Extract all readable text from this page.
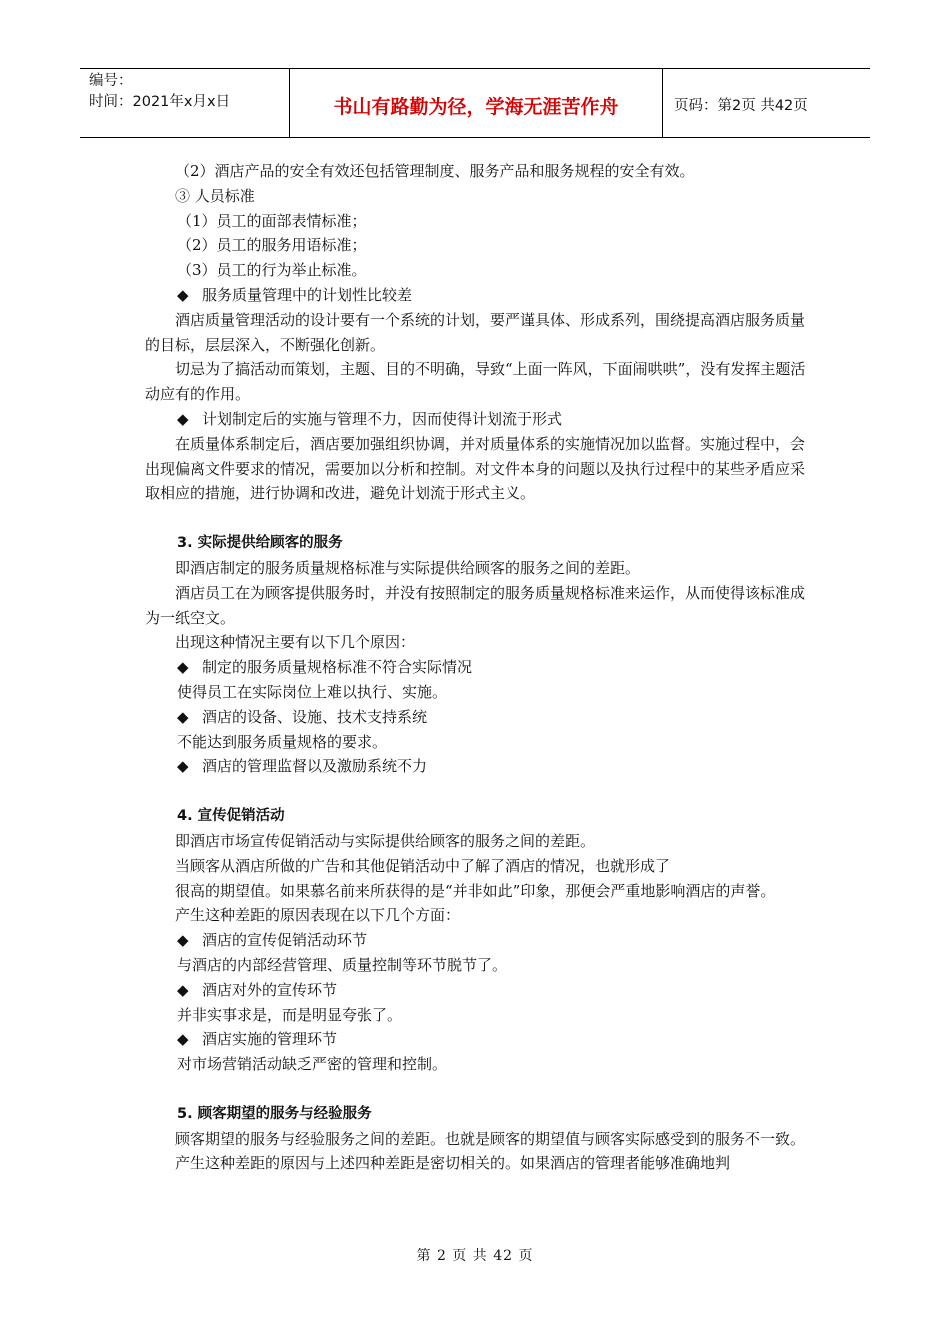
编号：
时间：2021年x月x日	书山有路勤为径，学海无涯苦作舟	页码：第2页 共42页

（2）酒店产品的安全有效还包括管理制度、服务产品和服务规程的安全有效。

③ 人员标准

（1）员工的面部表情标准；

（2）员工的服务用语标准；

（3）员工的行为举止标准。

◆ 服务质量管理中的计划性比较差

酒店质量管理活动的设计要有一个系统的计划，要严谨具体、形成系列，围绕提高酒店服务质量的目标，层层深入，不断强化创新。

切忌为了搞活动而策划，主题、目的不明确，导致“上面一阵风，下面闹哄哄”，没有发挥主题活动应有的作用。

◆ 计划制定后的实施与管理不力，因而使得计划流于形式

在质量体系制定后，酒店要加强组织协调，并对质量体系的实施情况加以监督。实施过程中，会出现偏离文件要求的情况，需要加以分析和控制。对文件本身的问题以及执行过程中的某些矛盾应采取相应的措施，进行协调和改进，避免计划流于形式主义。

3. 实际提供给顾客的服务

即酒店制定的服务质量规格标准与实际提供给顾客的服务之间的差距。

酒店员工在为顾客提供服务时，并没有按照制定的服务质量规格标准来运作，从而使得该标准成为一纸空文。

出现这种情况主要有以下几个原因：

◆ 制定的服务质量规格标准不符合实际情况

使得员工在实际岗位上难以执行、实施。

◆ 酒店的设备、设施、技术支持系统

不能达到服务质量规格的要求。

◆ 酒店的管理监督以及激励系统不力

4. 宣传促销活动

即酒店市场宣传促销活动与实际提供给顾客的服务之间的差距。

当顾客从酒店所做的广告和其他促销活动中了解了酒店的情况，也就形成了

很高的期望值。如果慕名前来所获得的是“并非如此”印象，那便会严重地影响酒店的声誉。

产生这种差距的原因表现在以下几个方面：

◆ 酒店的宣传促销活动环节

与酒店的内部经营管理、质量控制等环节脱节了。

◆ 酒店对外的宣传环节

并非实事求是，而是明显夸张了。

◆ 酒店实施的管理环节

对市场营销活动缺乏严密的管理和控制。

5. 顾客期望的服务与经验服务

顾客期望的服务与经验服务之间的差距。也就是顾客的期望值与顾客实际感受到的服务不一致。

产生这种差距的原因与上述四种差距是密切相关的。如果酒店的管理者能够准确地判

第 2 页 共 42 页
